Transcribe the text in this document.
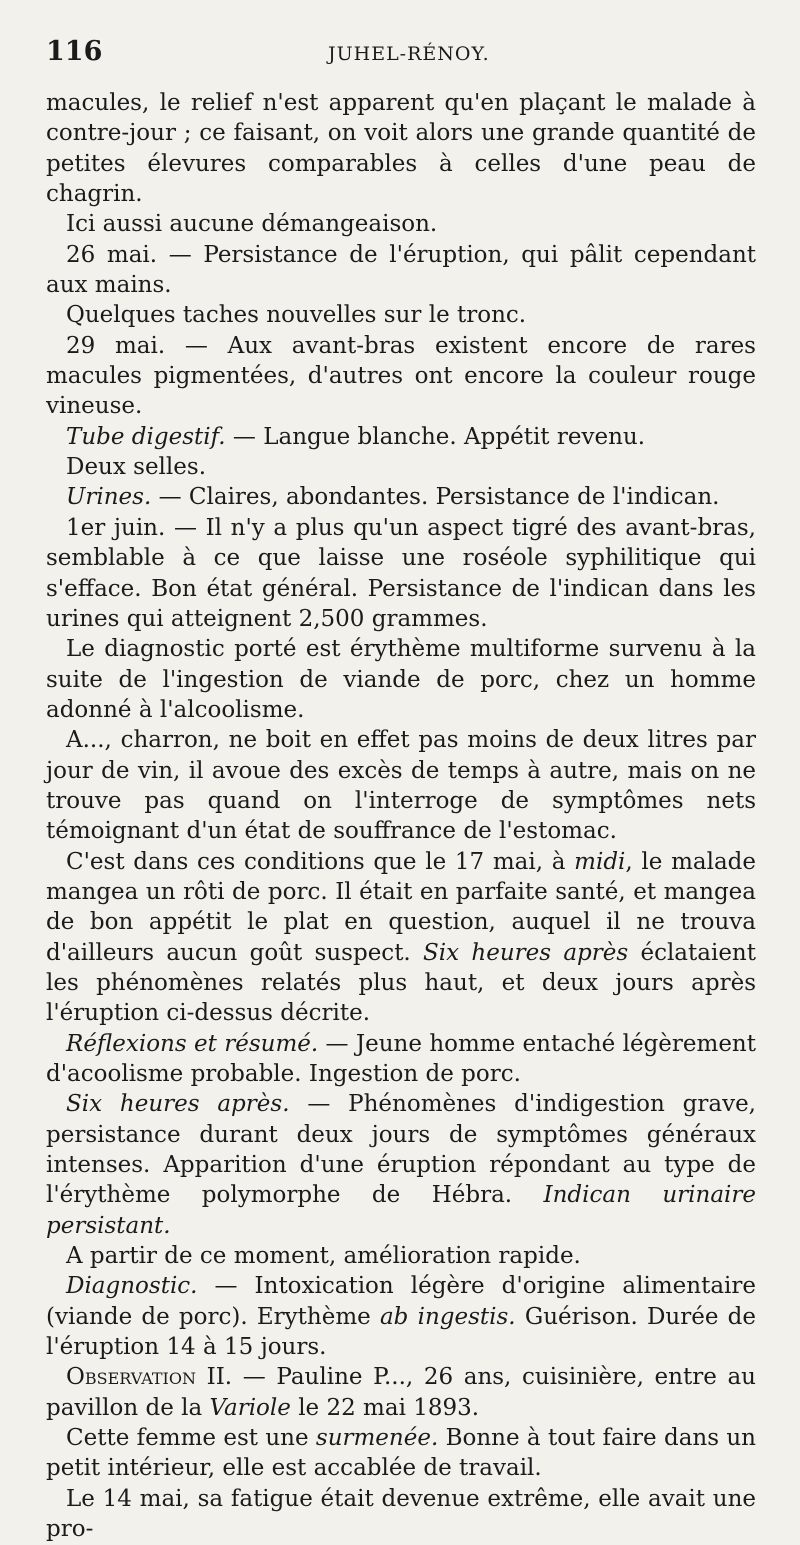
116	JUHEL-RÉNOY.

macules, le relief n'est apparent qu'en plaçant le malade à contre-jour ; ce faisant, on voit alors une grande quantité de petites élevures comparables à celles d'une peau de chagrin.

Ici aussi aucune démangeaison.

26 mai. — Persistance de l'éruption, qui pâlit cependant aux mains.

Quelques taches nouvelles sur le tronc.

29 mai. — Aux avant-bras existent encore de rares macules pigmentées, d'autres ont encore la couleur rouge vineuse.

Tube digestif. — Langue blanche. Appétit revenu.

Deux selles.

Urines. — Claires, abondantes. Persistance de l'indican.

1er juin. — Il n'y a plus qu'un aspect tigré des avant-bras, semblable à ce que laisse une roséole syphilitique qui s'efface. Bon état général. Persistance de l'indican dans les urines qui atteignent 2,500 grammes.

Le diagnostic porté est érythème multiforme survenu à la suite de l'ingestion de viande de porc, chez un homme adonné à l'alcoolisme.

A..., charron, ne boit en effet pas moins de deux litres par jour de vin, il avoue des excès de temps à autre, mais on ne trouve pas quand on l'interroge de symptômes nets témoignant d'un état de souffrance de l'estomac.

C'est dans ces conditions que le 17 mai, à midi, le malade mangea un rôti de porc. Il était en parfaite santé, et mangea de bon appétit le plat en question, auquel il ne trouva d'ailleurs aucun goût suspect. Six heures après éclataient les phénomènes relatés plus haut, et deux jours après l'éruption ci-dessus décrite.

Réflexions et résumé. — Jeune homme entaché légèrement d'acoolisme probable. Ingestion de porc.

Six heures après. — Phénomènes d'indigestion grave, persistance durant deux jours de symptômes généraux intenses. Apparition d'une éruption répondant au type de l'érythème polymorphe de Hébra. Indican urinaire persistant.

A partir de ce moment, amélioration rapide.

Diagnostic. — Intoxication légère d'origine alimentaire (viande de porc). Erythème ab ingestis. Guérison. Durée de l'éruption 14 à 15 jours.

Observation II. — Pauline P..., 26 ans, cuisinière, entre au pavillon de la Variole le 22 mai 1893.

Cette femme est une surmenée. Bonne à tout faire dans un petit intérieur, elle est accablée de travail.

Le 14 mai, sa fatigue était devenue extrême, elle avait une pro-
